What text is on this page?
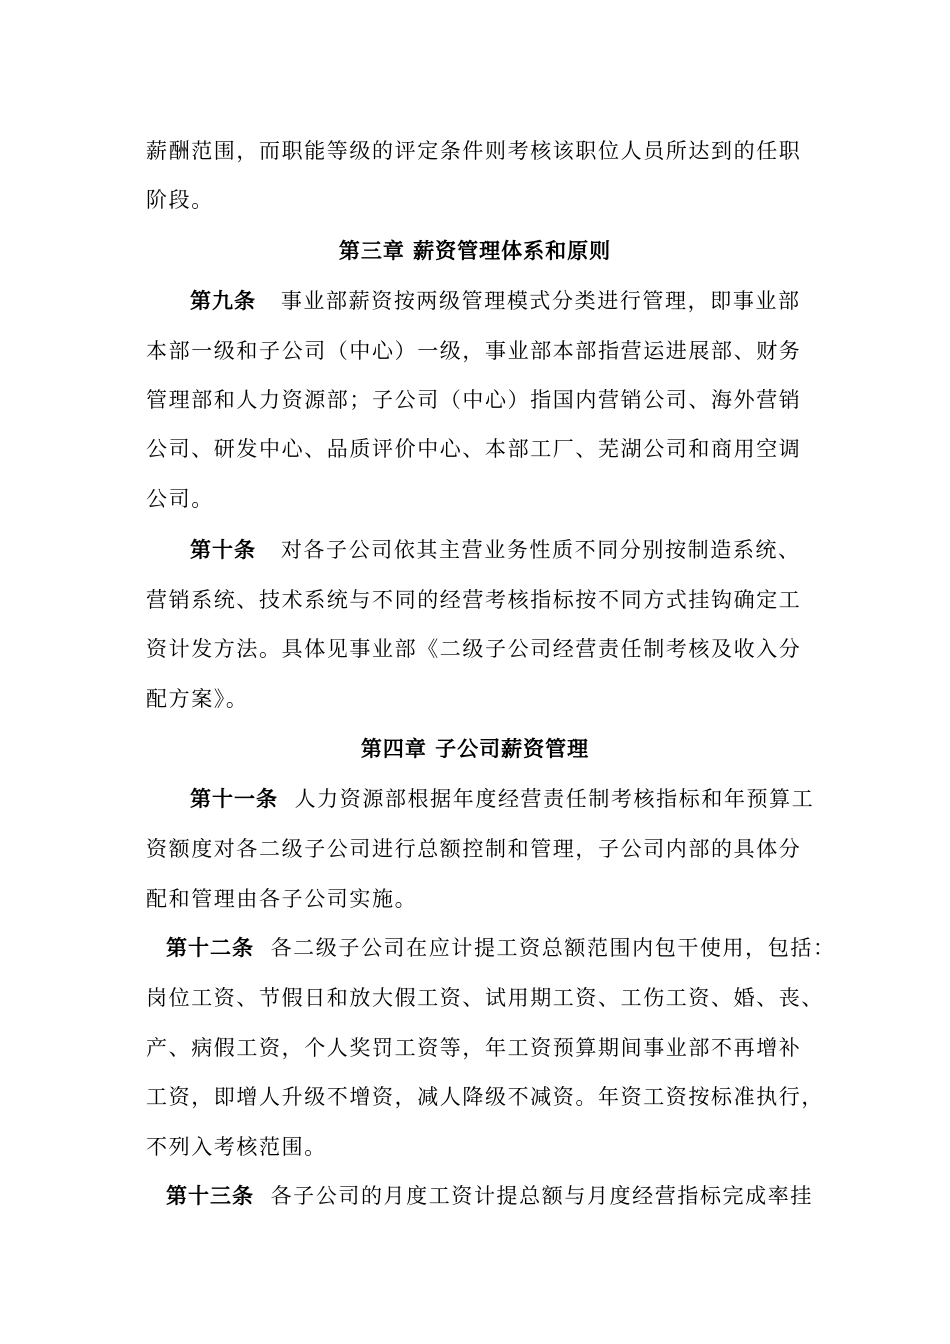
薪酬范围，而职能等级的评定条件则考核该职位人员所达到的任职
阶段。
第三章 薪资管理体系和原则
第九条 事业部薪资按两级管理模式分类进行管理，即事业部
本部一级和子公司（中心）一级，事业部本部指营运进展部、财务
管理部和人力资源部；子公司（中心）指国内营销公司、海外营销
公司、研发中心、品质评价中心、本部工厂、芜湖公司和商用空调
公司。
第十条 对各子公司依其主营业务性质不同分别按制造系统、
营销系统、技术系统与不同的经营考核指标按不同方式挂钩确定工
资计发方法。具体见事业部《二级子公司经营责任制考核及收入分
配方案》。
第四章 子公司薪资管理
第十一条 人力资源部根据年度经营责任制考核指标和年预算工
资额度对各二级子公司进行总额控制和管理，子公司内部的具体分
配和管理由各子公司实施。
第十二条 各二级子公司在应计提工资总额范围内包干使用，包括：
岗位工资、节假日和放大假工资、试用期工资、工伤工资、婚、丧、
产、病假工资，个人奖罚工资等，年工资预算期间事业部不再增补
工资，即增人升级不增资，减人降级不减资。年资工资按标准执行，
不列入考核范围。
第十三条 各子公司的月度工资计提总额与月度经营指标完成率挂
